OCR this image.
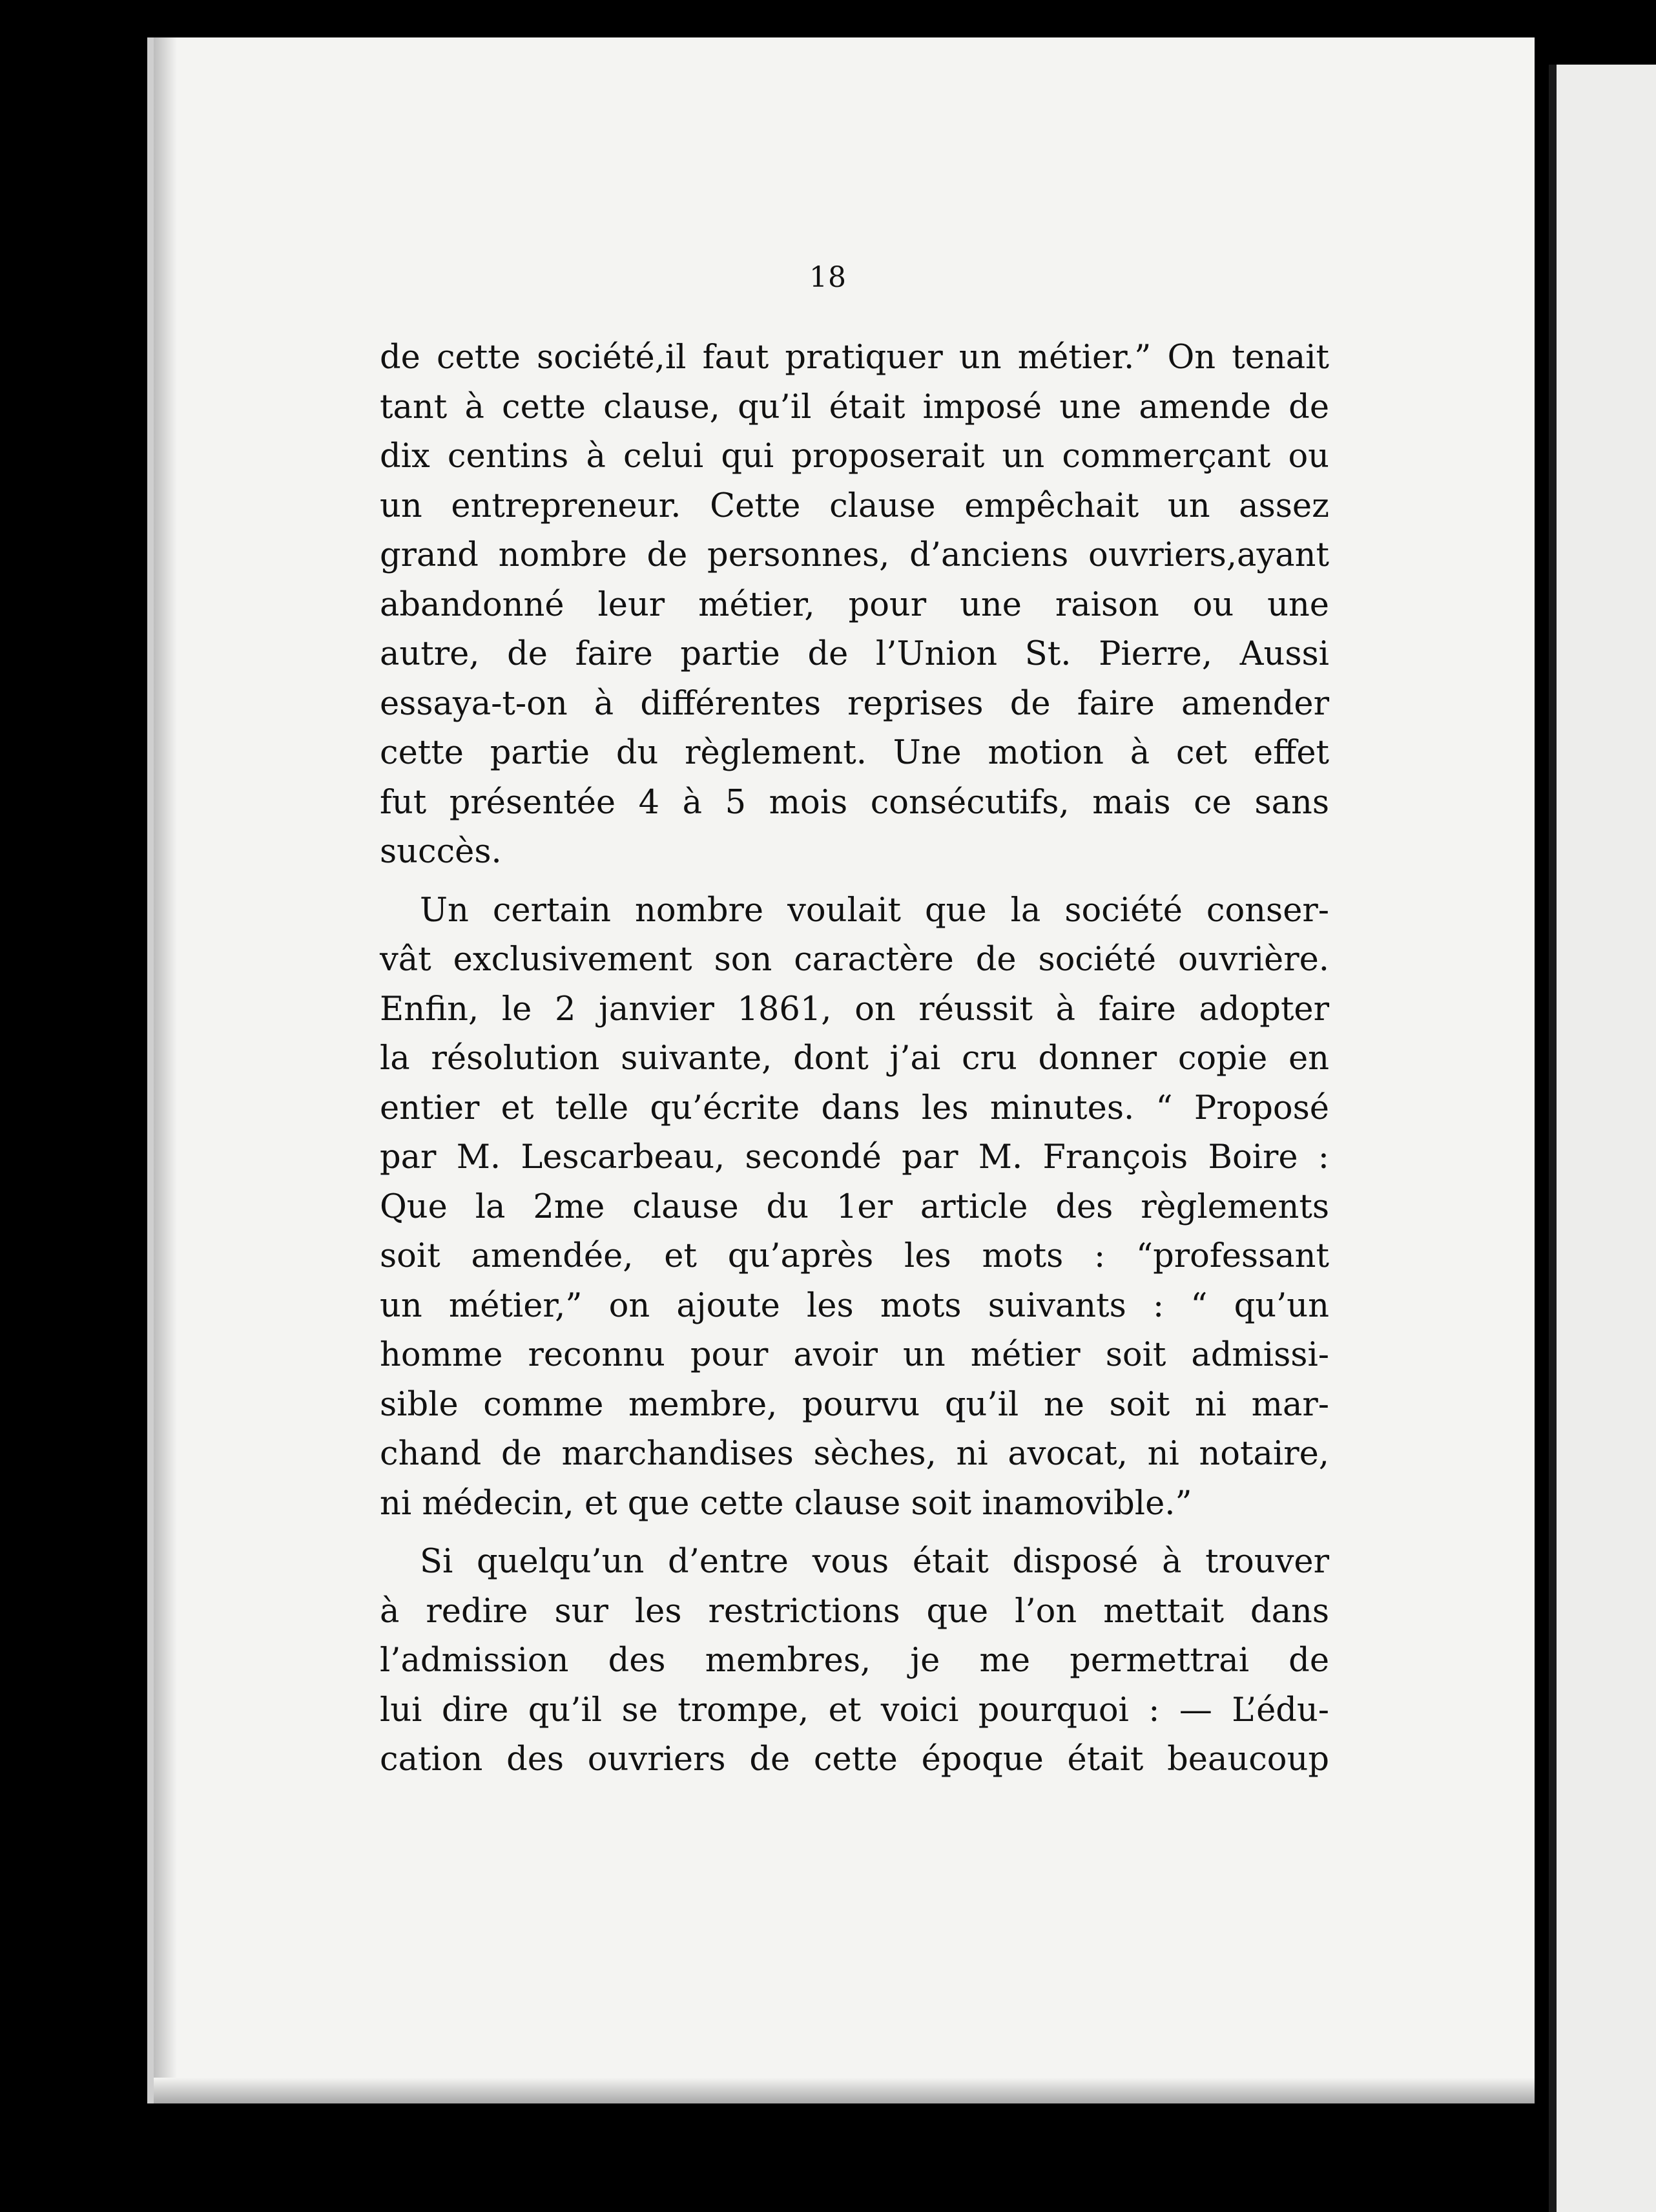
18

de cette société,il faut pratiquer un métier.” On tenait
tant à cette clause, qu’il était imposé une amende de
dix centins à celui qui proposerait un commerçant ou
un entrepreneur. Cette clause empêchait un assez
grand nombre de personnes, d’anciens ouvriers,ayant
abandonné leur métier, pour une raison ou une
autre, de faire partie de l’Union St. Pierre, Aussi
essaya-t-on à différentes reprises de faire amender
cette partie du règlement. Une motion à cet effet
fut présentée 4 à 5 mois consécutifs, mais ce sans
succès.

Un certain nombre voulait que la société conser-
vât exclusivement son caractère de société ouvrière.
Enfin, le 2 janvier 1861, on réussit à faire adopter
la résolution suivante, dont j’ai cru donner copie en
entier et telle qu’écrite dans les minutes. “ Proposé
par M. Lescarbeau, secondé par M. François Boire :
Que la 2me clause du 1er article des règlements
soit amendée, et qu’après les mots : “professant
un métier,” on ajoute les mots suivants : “ qu’un
homme reconnu pour avoir un métier soit admissi-
sible comme membre, pourvu qu’il ne soit ni mar-
chand de marchandises sèches, ni avocat, ni notaire,
ni médecin, et que cette clause soit inamovible.”

Si quelqu’un d’entre vous était disposé à trouver
à redire sur les restrictions que l’on mettait dans
l’admission des membres, je me permettrai de
lui dire qu’il se trompe, et voici pourquoi : — L’édu-
cation des ouvriers de cette époque était beaucoup
